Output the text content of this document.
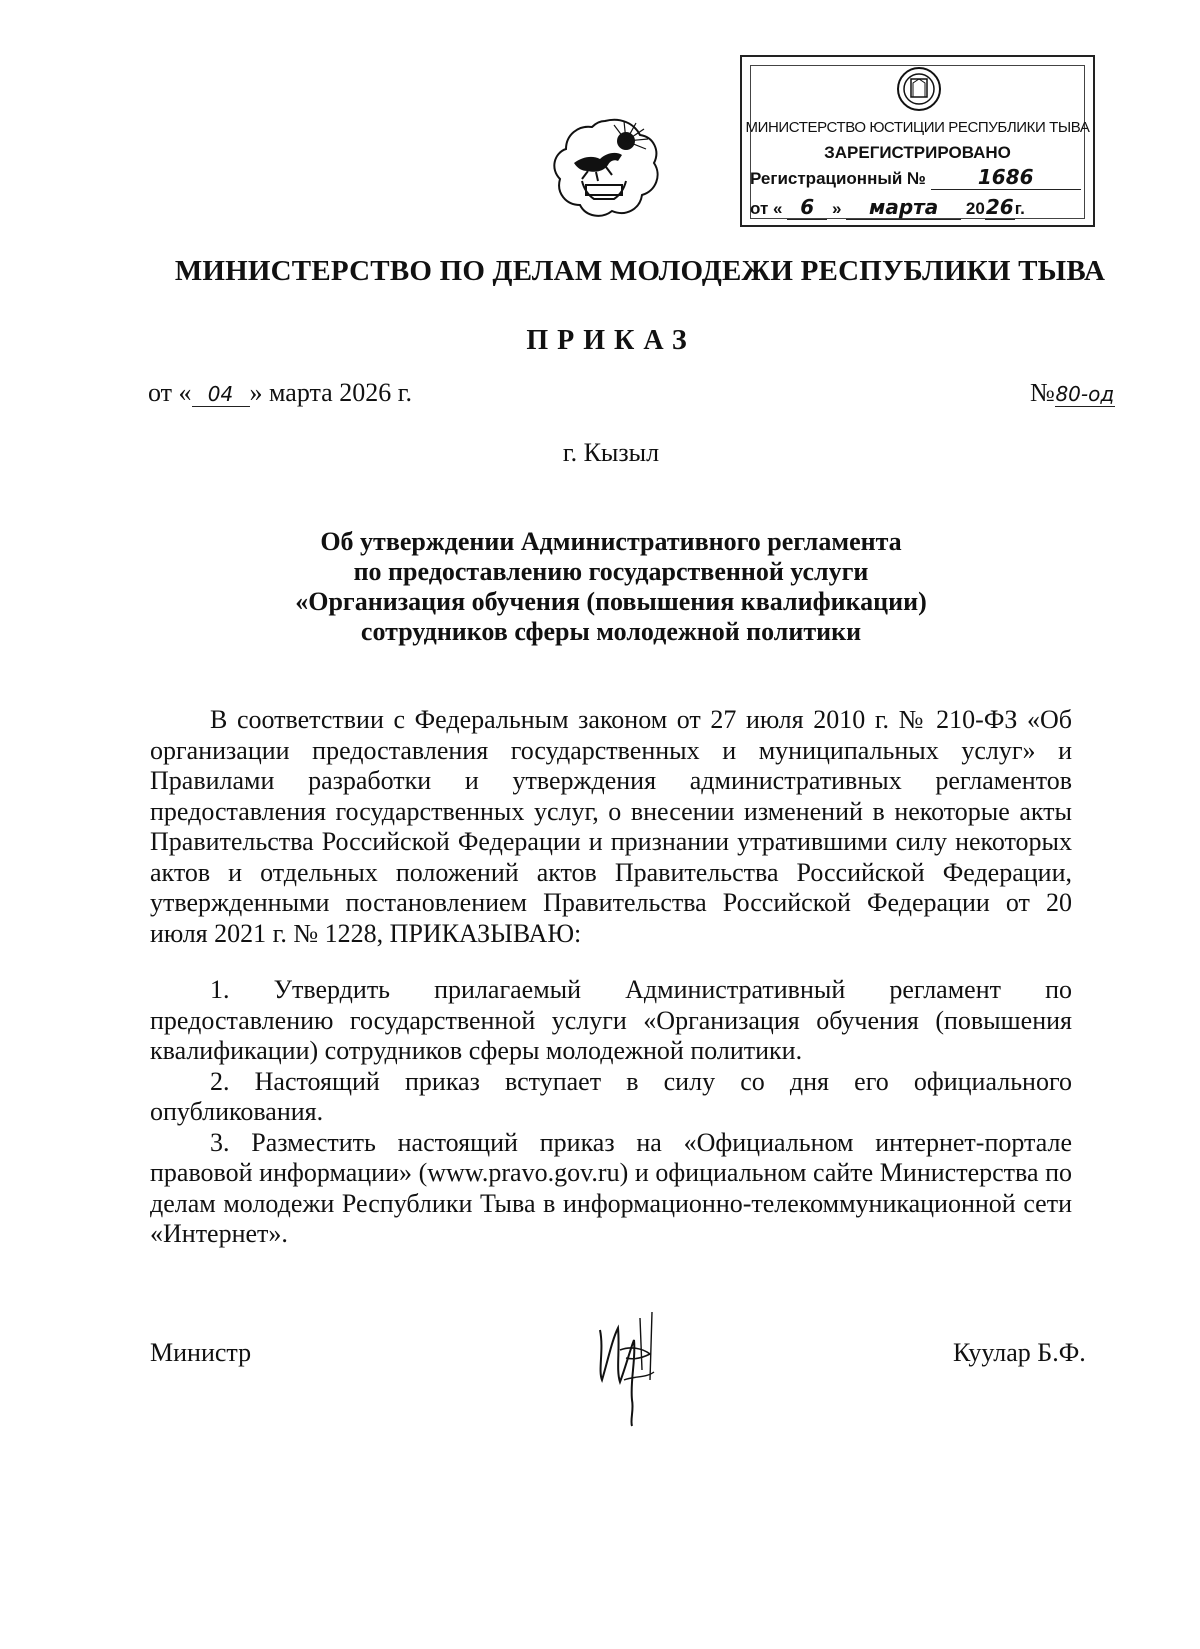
МИНИСТЕРСТВО ЮСТИЦИИ РЕСПУБЛИКИ ТЫВА
ЗАРЕГИСТРИРОВАНО
Регистрационный №	1686
от « 6 » марта 2026г.
МИНИСТЕРСТВО ПО ДЕЛАМ МОЛОДЕЖИ РЕСПУБЛИКИ ТЫВА
ПРИКАЗ
от « 04 » марта 2026 г.	№80-од
г. Кызыл
Об утверждении Административного регламента
по предоставлению государственной услуги
«Организация обучения (повышения квалификации)
сотрудников сферы молодежной политики
В соответствии с Федеральным законом от 27 июля 2010 г. № 210-ФЗ «Об организации предоставления государственных и муниципальных услуг» и Правилами разработки и утверждения административных регламентов предоставления государственных услуг, о внесении изменений в некоторые акты Правительства Российской Федерации и признании утратившими силу некоторых актов и отдельных положений актов Правительства Российской Федерации, утвержденными постановлением Правительства Российской Федерации от 20 июля 2021 г. № 1228, ПРИКАЗЫВАЮ:
1. Утвердить прилагаемый Административный регламент по предоставлению государственной услуги «Организация обучения (повышения квалификации) сотрудников сферы молодежной политики.
2. Настоящий приказ вступает в силу со дня его официального опубликования.
3. Разместить настоящий приказ на «Официальном интернет-портале правовой информации» (www.pravo.gov.ru) и официальном сайте Министерства по делам молодежи Республики Тыва в информационно-телекоммуникационной сети «Интернет».
Министр	Куулар Б.Ф.
